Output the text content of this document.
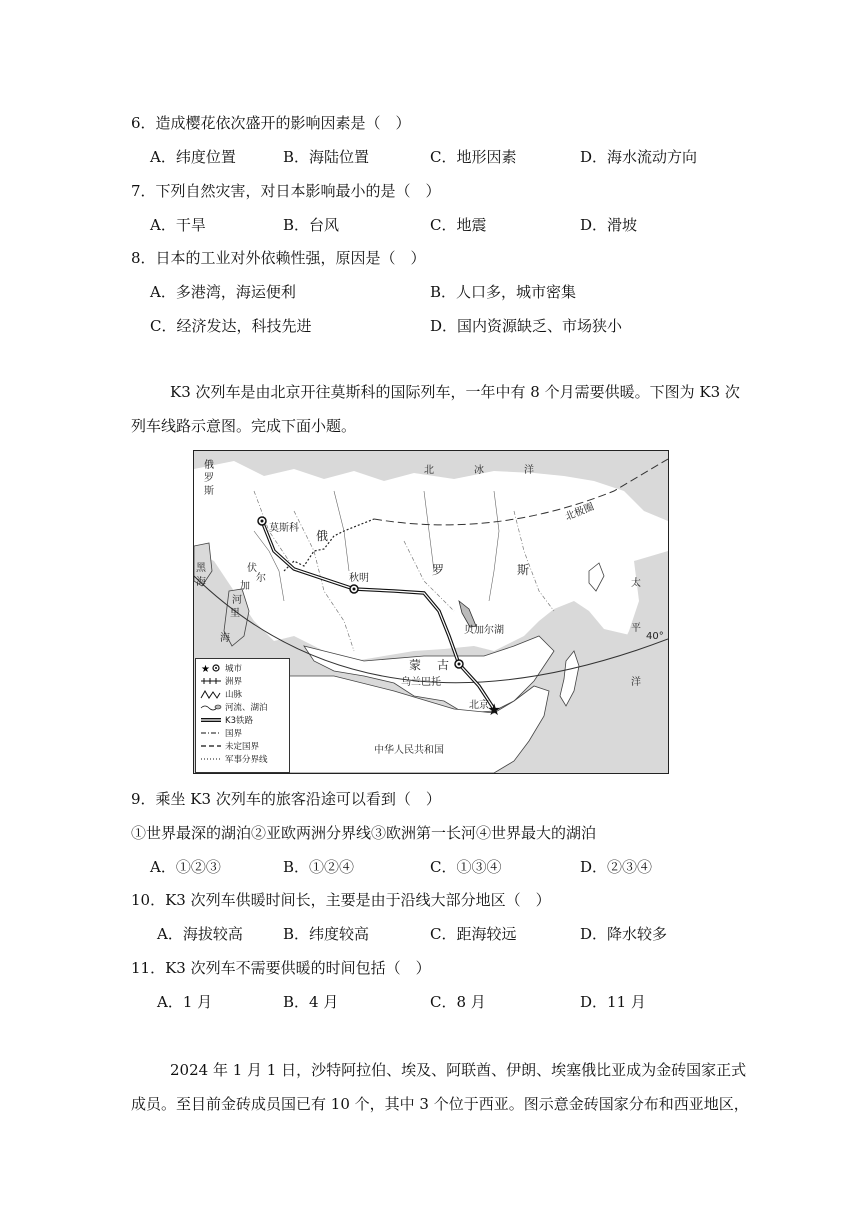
6．造成樱花依次盛开的影响因素是（　）
A．纬度位置	B．海陆位置	C．地形因素	D．海水流动方向
7．下列自然灾害，对日本影响最小的是（　）
A．干旱	B．台风	C．地震	D．滑坡
8．日本的工业对外依赖性强，原因是（　）
A．多港湾，海运便利	B．人口多，城市密集
C．经济发达，科技先进	D．国内资源缺乏、市场狭小
K3 次列车是由北京开往莫斯科的国际列车，一年中有 8 个月需要供暖。下图为 K3 次
列车线路示意图。完成下面小题。
★
俄
罗
斯
北	冰	洋
北极圈
莫斯科
俄
罗	斯
伏
尔
加
河
黑
海
里
海
秋明
贝加尔湖
蒙 古
乌兰巴托
北京
太
平
洋
40°
中华人民共和国
★ 城市
洲界
山脉
河流、湖泊
K3铁路
国界
未定国界
军事分界线
9．乘坐 K3 次列车的旅客沿途可以看到（　）
①世界最深的湖泊②亚欧两洲分界线③欧洲第一长河④世界最大的湖泊
A．①②③	B．①②④	C．①③④	D．②③④
10．K3 次列车供暖时间长，主要是由于沿线大部分地区（　）
A．海拔较高	B．纬度较高	C．距海较远	D．降水较多
11．K3 次列车不需要供暖的时间包括（　）
A．1 月	B．4 月	C．8 月	D．11 月
2024 年 1 月 1 日，沙特阿拉伯、埃及、阿联酋、伊朗、埃塞俄比亚成为金砖国家正式
成员。至目前金砖成员国已有 10 个，其中 3 个位于西亚。图示意金砖国家分布和西亚地区，
